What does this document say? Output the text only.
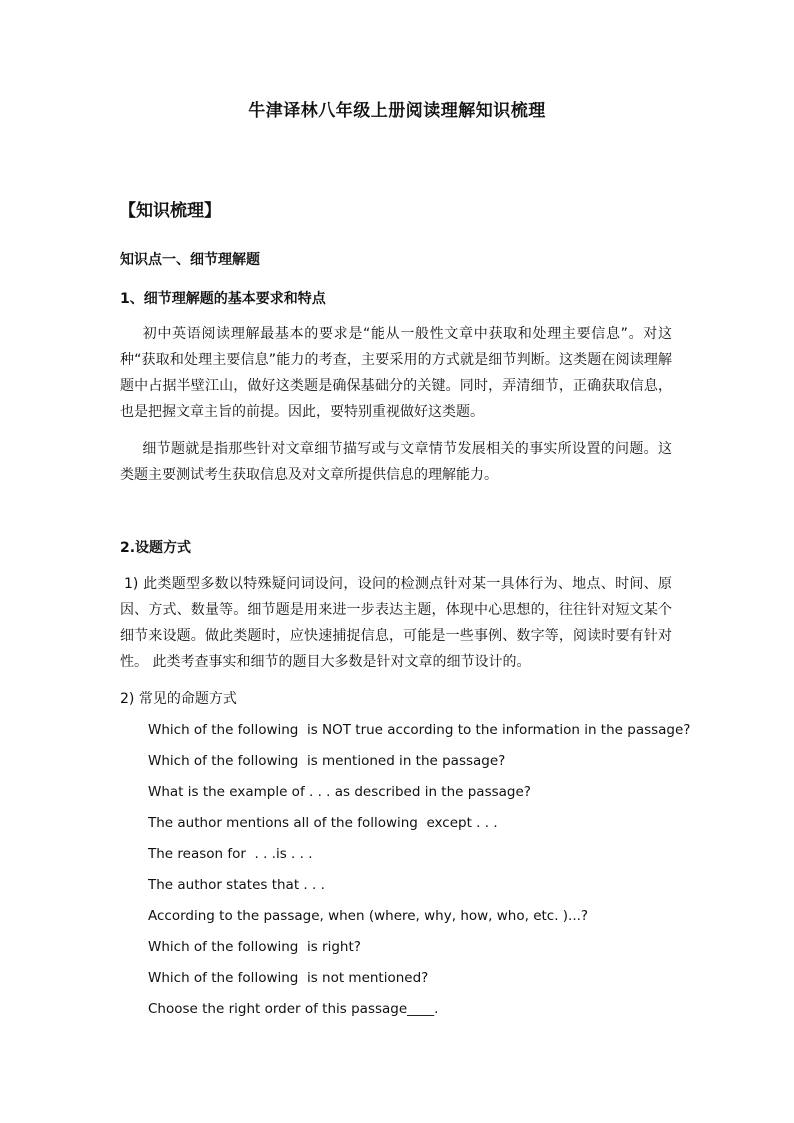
牛津译林八年级上册阅读理解知识梳理
【知识梳理】
知识点一、细节理解题
1、细节理解题的基本要求和特点
初中英语阅读理解最基本的要求是“能从一般性文章中获取和处理主要信息”。对这种“获取和处理主要信息”能力的考查，主要采用的方式就是细节判断。这类题在阅读理解题中占据半壁江山，做好这类题是确保基础分的关键。同时，弄清细节，正确获取信息，也是把握文章主旨的前提。因此，要特别重视做好这类题。
细节题就是指那些针对文章细节描写或与文章情节发展相关的事实所设置的问题。这类题主要测试考生获取信息及对文章所提供信息的理解能力。
2.设题方式
1) 此类题型多数以特殊疑问词设问，设问的检测点针对某一具体行为、地点、时间、原因、方式、数量等。细节题是用来进一步表达主题，体现中心思想的，往往针对短文某个细节来设题。做此类题时，应快速捕捉信息，可能是一些事例、数字等，阅读时要有针对性。 此类考查事实和细节的题目大多数是针对文章的细节设计的。
2) 常见的命题方式
Which of the following  is NOT true according to the information in the passage?
Which of the following  is mentioned in the passage?
What is the example of . . . as described in the passage?
The author mentions all of the following  except . . .
The reason for  . . .is . . .
The author states that . . .
According to the passage, when (where, why, how, who, etc. )...?
Which of the following  is right?
Which of the following  is not mentioned?
Choose the right order of this passage____.
